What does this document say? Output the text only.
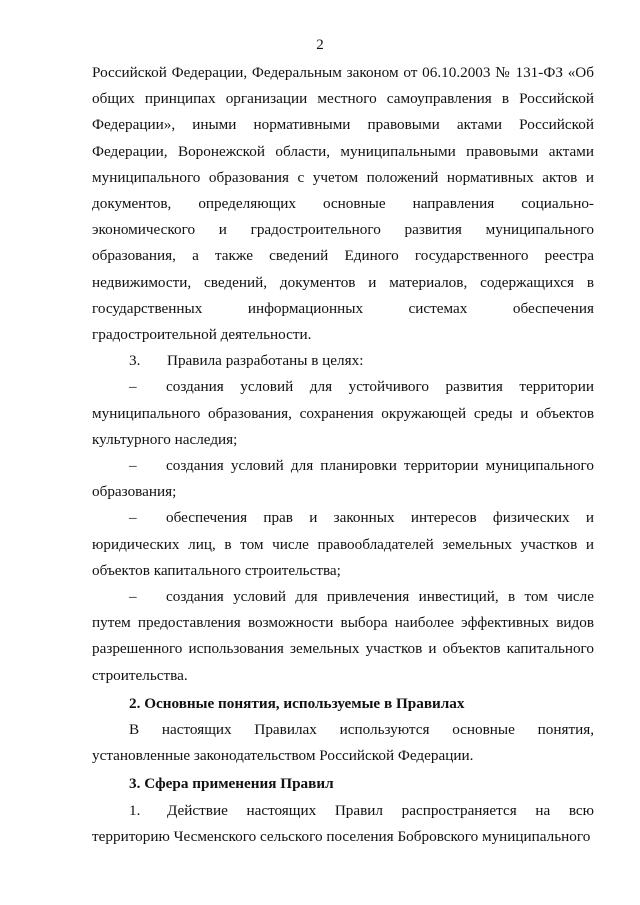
2

Российской Федерации, Федеральным законом от 06.10.2003 № 131-ФЗ «Об общих принципах организации местного самоуправления в Российской Федерации», иными нормативными правовыми актами Российской Федерации, Воронежской области, муниципальными правовыми актами муниципального образования с учетом положений нормативных актов и документов, определяющих основные направления социально-экономического и градостроительного развития муниципального образования, а также сведений Единого государственного реестра недвижимости, сведений, документов и материалов, содержащихся в государственных информационных системах обеспечения градостроительной деятельности.

3. Правила разработаны в целях:

– создания условий для устойчивого развития территории муниципального образования, сохранения окружающей среды и объектов культурного наследия;

– создания условий для планировки территории муниципального образования;

– обеспечения прав и законных интересов физических и юридических лиц, в том числе правообладателей земельных участков и объектов капитального строительства;

– создания условий для привлечения инвестиций, в том числе путем предоставления возможности выбора наиболее эффективных видов разрешенного использования земельных участков и объектов капитального строительства.

2. Основные понятия, используемые в Правилах

В настоящих Правилах используются основные понятия, установленные законодательством Российской Федерации.

3. Сфера применения Правил

1. Действие настоящих Правил распространяется на всю территорию Чесменского сельского поселения Бобровского муниципального
